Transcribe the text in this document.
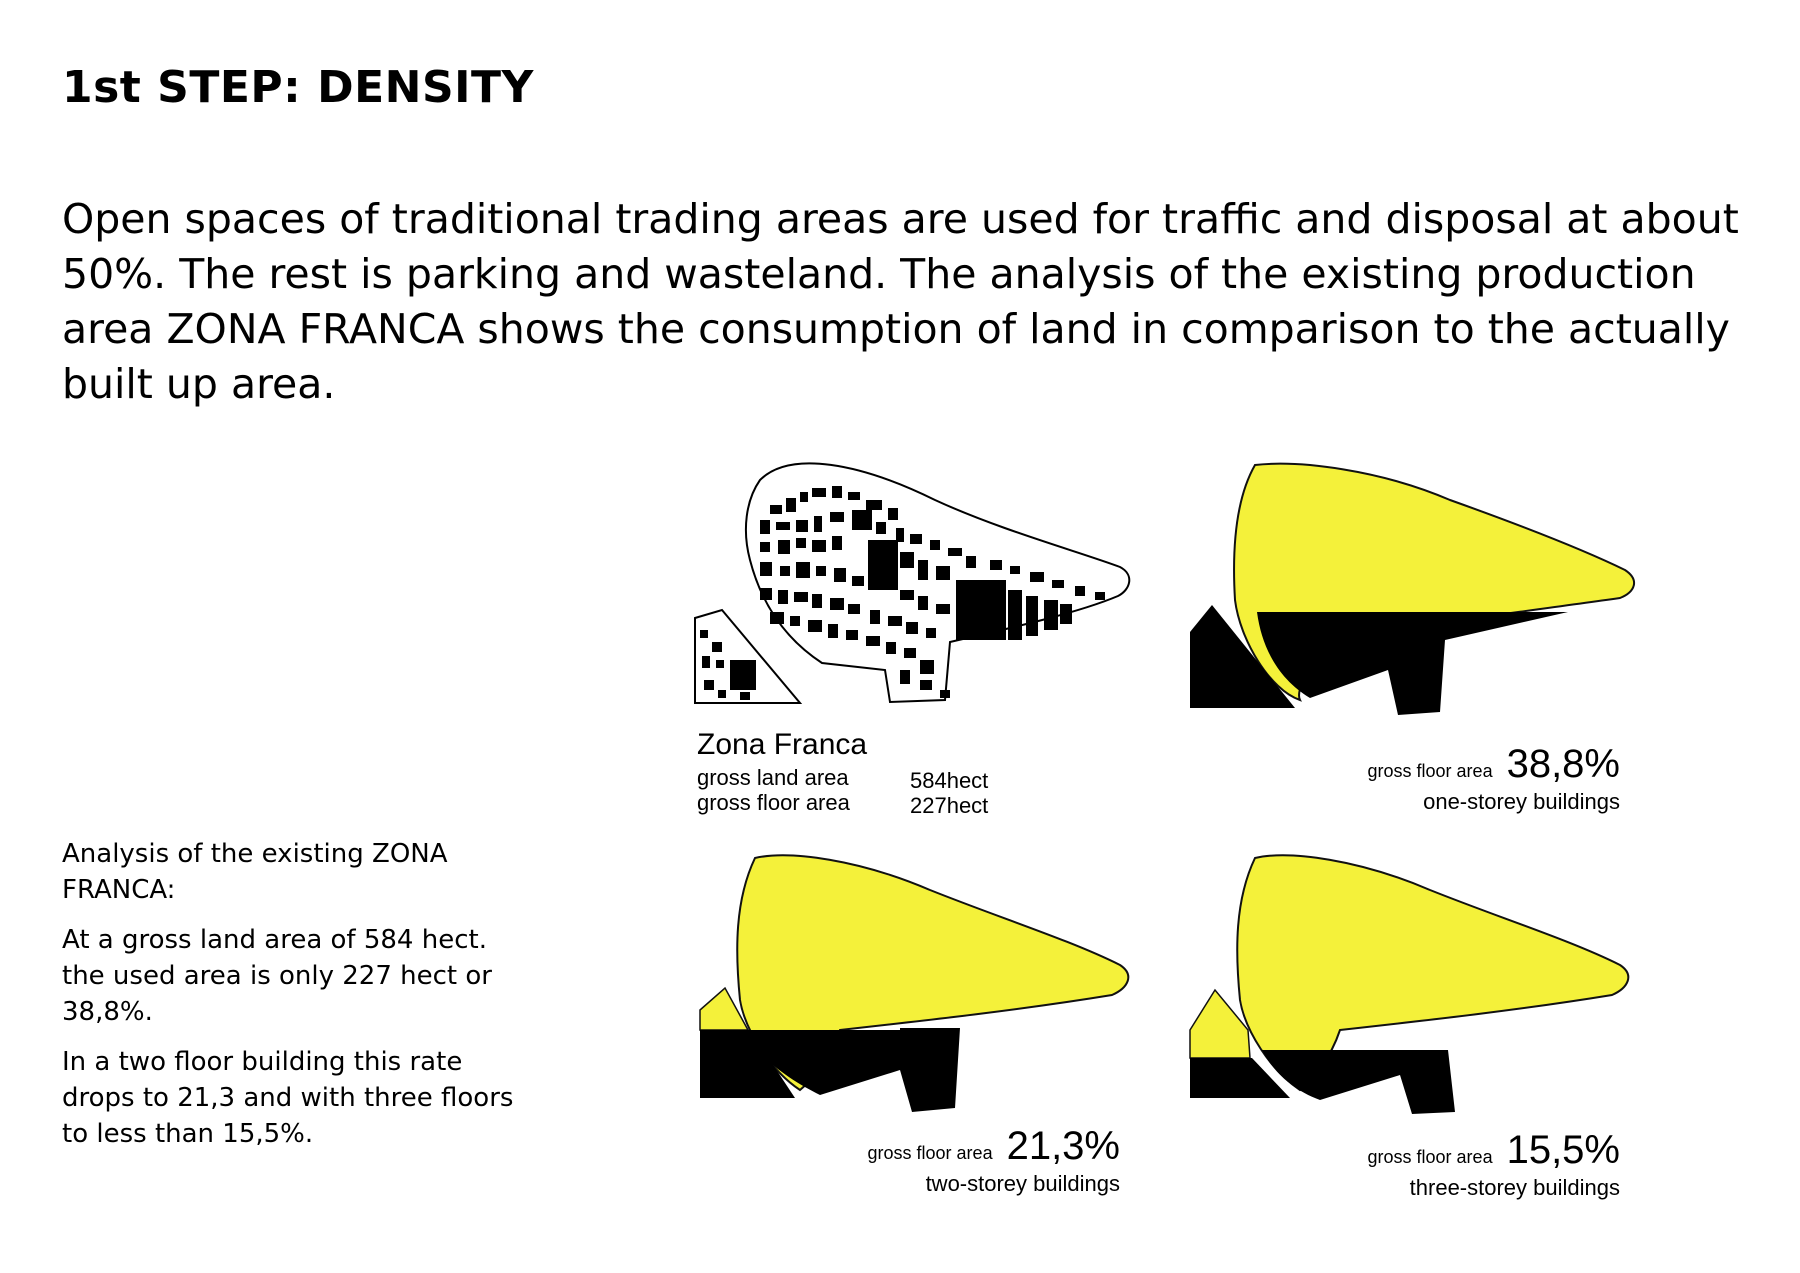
1st STEP: DENSITY

Open spaces of traditional trading areas are used for traffic and disposal at about 50%. The rest is parking and wasteland. The analysis of the existing production area ZONA FRANCA shows the consumption of land in comparison to the actually built up area.

Analysis of the existing ZONA FRANCA:

At a gross land area of 584 hect. the used area is only 227 hect or 38,8%.

In a two floor building this rate drops to 21,3 and with three floors to less than 15,5%.

Zona Franca
gross land area	584hect
gross floor area	227hect
gross floor area 38,8%
one-storey buildings
gross floor area 21,3%
two-storey buildings
gross floor area 15,5%
three-storey buildings
